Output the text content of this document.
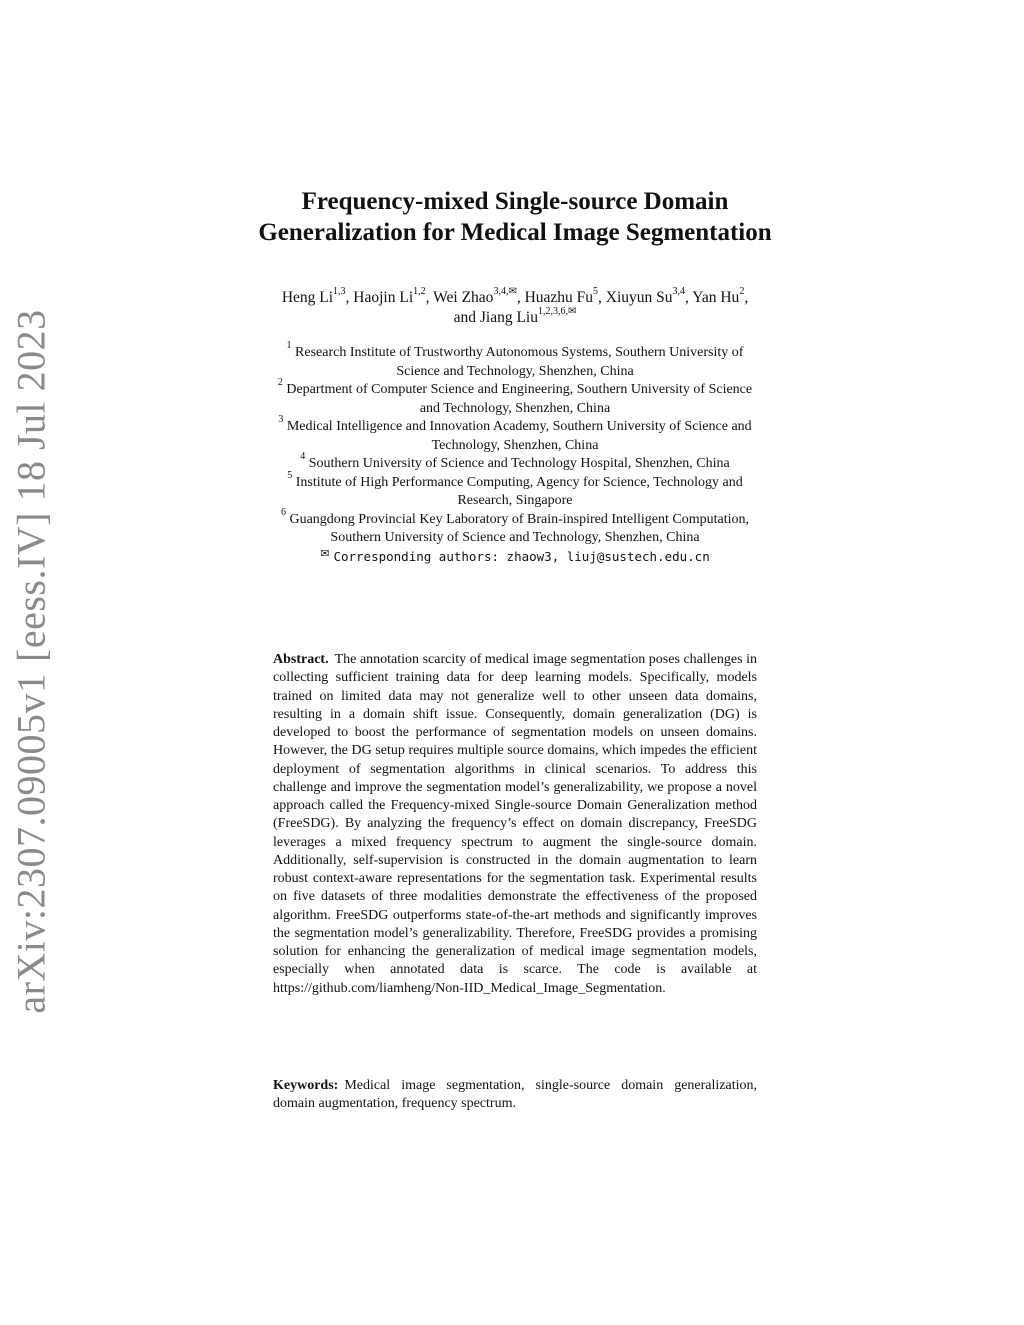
arXiv:2307.09005v1 [eess.IV] 18 Jul 2023
Frequency-mixed Single-source Domain
Generalization for Medical Image Segmentation
Heng Li$^{1,3}$, Haojin Li$^{1,2}$, Wei Zhao$^{3,4,✉}$, Huazhu Fu$^5$, Xiuyun Su$^{3,4}$, Yan Hu$^2$,
and Jiang Liu$^{1,2,3,6,✉}$
$^1$ Research Institute of Trustworthy Autonomous Systems, Southern University of
Science and Technology, Shenzhen, China
$^2$ Department of Computer Science and Engineering, Southern University of Science
and Technology, Shenzhen, China
$^3$ Medical Intelligence and Innovation Academy, Southern University of Science and
Technology, Shenzhen, China
$^4$ Southern University of Science and Technology Hospital, Shenzhen, China
$^5$ Institute of High Performance Computing, Agency for Science, Technology and
Research, Singapore
$^6$ Guangdong Provincial Key Laboratory of Brain-inspired Intelligent Computation,
Southern University of Science and Technology, Shenzhen, China
✉ Corresponding authors: zhaow3, liuj@sustech.edu.cn
Abstract. The annotation scarcity of medical image segmentation poses challenges in collecting sufficient training data for deep learning models. Specifically, models trained on limited data may not generalize well to other unseen data domains, resulting in a domain shift issue. Consequently, domain generalization (DG) is developed to boost the performance of segmentation models on unseen domains. However, the DG setup requires multiple source domains, which impedes the efficient deployment of segmentation algorithms in clinical scenarios. To address this challenge and improve the segmentation model’s generalizability, we propose a novel approach called the Frequency-mixed Single-source Domain Generalization method (FreeSDG). By analyzing the frequency’s effect on domain discrepancy, FreeSDG leverages a mixed frequency spectrum to augment the single-source domain. Additionally, self-supervision is constructed in the domain augmentation to learn robust context-aware representations for the segmentation task. Experimental results on five datasets of three modalities demonstrate the effectiveness of the proposed algorithm. FreeSDG outperforms state-of-the-art methods and significantly improves the segmentation model’s generalizability. Therefore, FreeSDG provides a promising solution for enhancing the generalization of medical image segmentation models, especially when annotated data is scarce. The code is available at https://github.com/liamheng/Non-IID_Medical_Image_Segmentation.
Keywords: Medical image segmentation, single-source domain generalization, domain augmentation, frequency spectrum.
